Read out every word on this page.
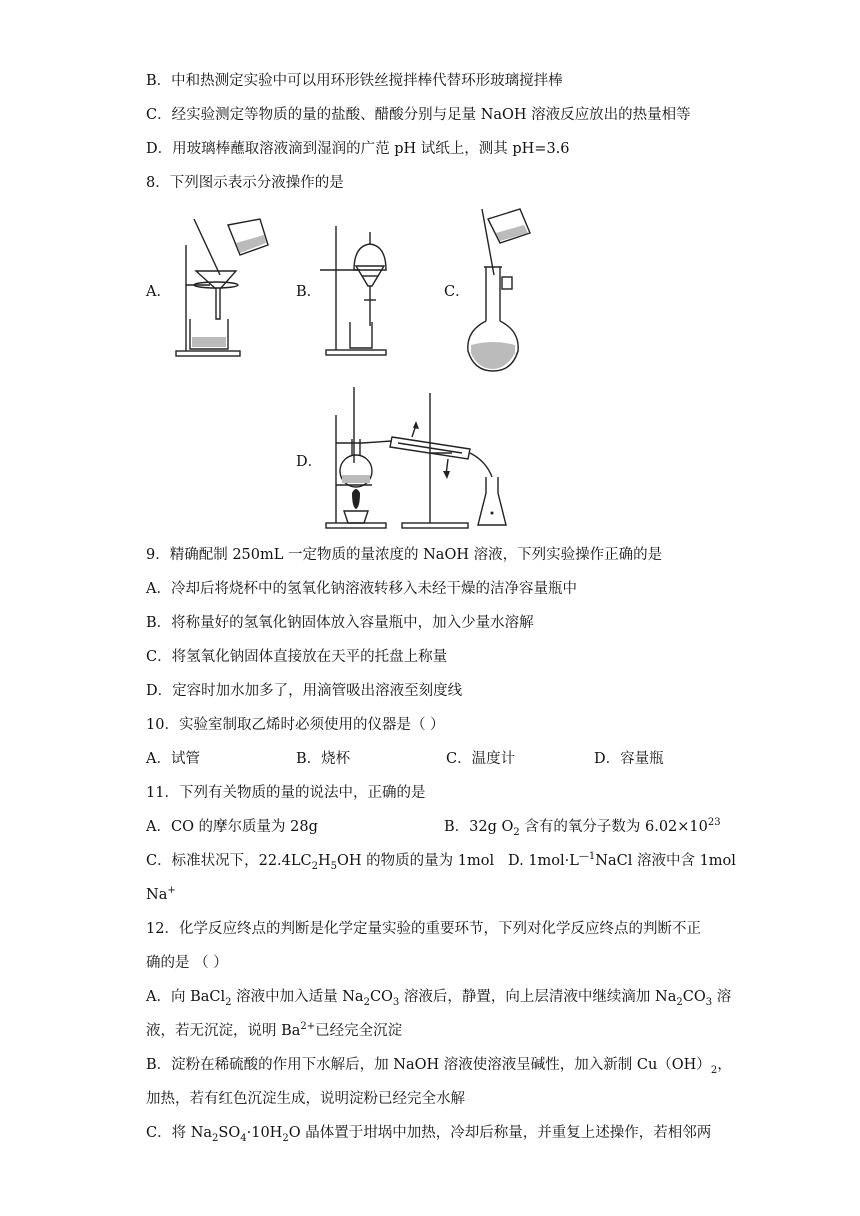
B．中和热测定实验中可以用环形铁丝搅拌棒代替环形玻璃搅拌棒
C．经实验测定等物质的量的盐酸、醋酸分别与足量 NaOH 溶液反应放出的热量相等
D．用玻璃棒蘸取溶液滴到湿润的广范 pH 试纸上，测其 pH=3.6
8．下列图示表示分液操作的是
A．	B．	C．
D．
9．精确配制 250mL 一定物质的量浓度的 NaOH 溶液，下列实验操作正确的是
A．冷却后将烧杯中的氢氧化钠溶液转移入未经干燥的洁净容量瓶中
B．将称量好的氢氧化钠固体放入容量瓶中，加入少量水溶解
C．将氢氧化钠固体直接放在天平的托盘上称量
D．定容时加水加多了，用滴管吸出溶液至刻度线
10．实验室制取乙烯时必须使用的仪器是（ ）
A．试管	B．烧杯	C．温度计	D．容量瓶
11．下列有关物质的量的说法中，正确的是
A．CO 的摩尔质量为 28g	B．32g $O_2$ 含有的氧分子数为 $6.02\times 10^{23}$
C．标准状况下，$22.4LC_2H_5OH$ 的物质的量为 1mol D. $1mol\cdot L^{—1}NaCl$ 溶液中含 1mol
Na+
12．化学反应终点的判断是化学定量实验的重要环节，下列对化学反应终点的判断不正
确的是 （ ）
A．向 BaCl$_2$ 溶液中加入适量 $Na_2CO_3$ 溶液后，静置，向上层清液中继续滴加 $Na_2CO_3$ 溶
液，若无沉淀，说明 $Ba^{2+}$已经完全沉淀
B．淀粉在稀硫酸的作用下水解后，加 NaOH 溶液使溶液呈碱性，加入新制 $Cu(OH)_2$，
加热，若有红色沉淀生成，说明淀粉已经完全水解
C．将 $Na_2SO_4\cdot 10H_2O$ 晶体置于坩埚中加热，冷却后称量，并重复上述操作，若相邻两
